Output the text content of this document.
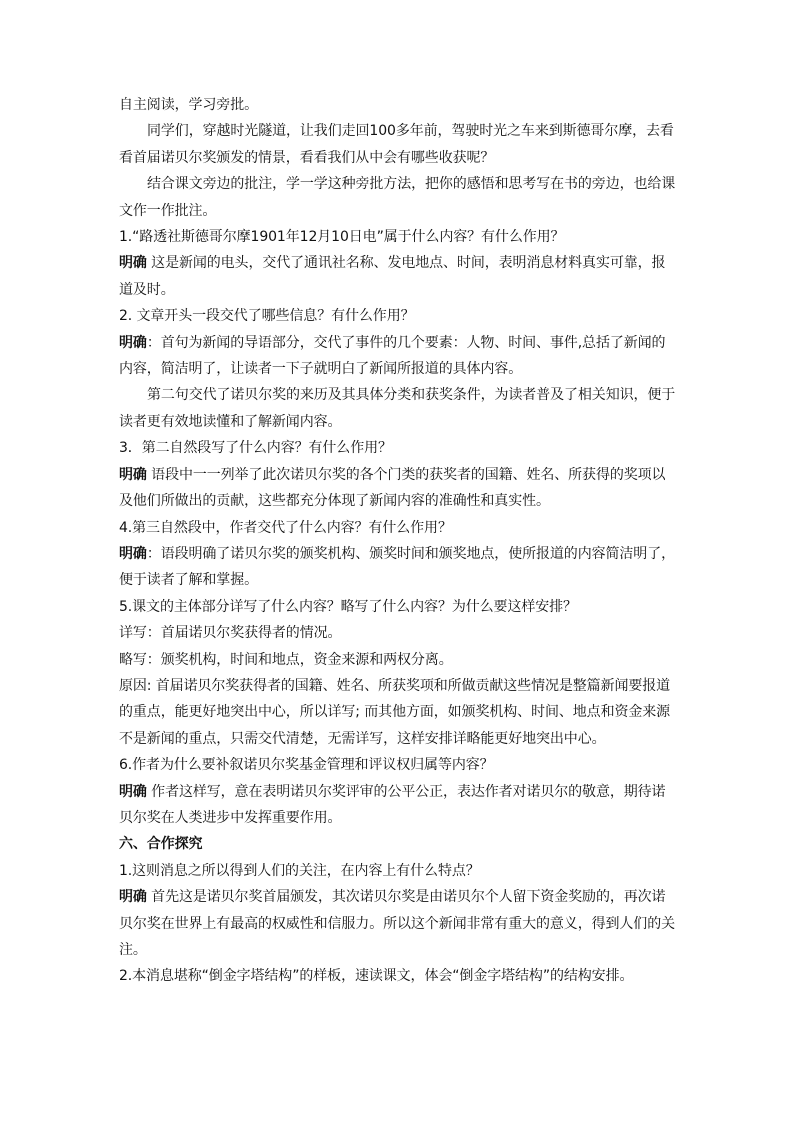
自主阅读，学习旁批。

同学们，穿越时光隧道，让我们走回100多年前，驾驶时光之车来到斯德哥尔摩，去看

看首届诺贝尔奖颁发的情景，看看我们从中会有哪些收获呢？

结合课文旁边的批注，学一学这种旁批方法，把你的感悟和思考写在书的旁边，也给课

文作一作批注。

1.“路透社斯德哥尔摩1901年12月10日电”属于什么内容？有什么作用？

明确 这是新闻的电头，交代了通讯社名称、发电地点、时间，表明消息材料真实可靠，报

道及时。

2. 文章开头一段交代了哪些信息？有什么作用？

明确：首句为新闻的导语部分，交代了事件的几个要素：人物、时间、事件,总括了新闻的

内容，简洁明了，让读者一下子就明白了新闻所报道的具体内容。

第二句交代了诺贝尔奖的来历及其具体分类和获奖条件，为读者普及了相关知识，便于

读者更有效地读懂和了解新闻内容。

3．第二自然段写了什么内容？有什么作用？

明确 语段中一一列举了此次诺贝尔奖的各个门类的获奖者的国籍、姓名、所获得的奖项以

及他们所做出的贡献，这些都充分体现了新闻内容的准确性和真实性。

4.第三自然段中，作者交代了什么内容？有什么作用？

明确：语段明确了诺贝尔奖的颁奖机构、颁奖时间和颁奖地点，使所报道的内容简洁明了，

便于读者了解和掌握。

5.课文的主体部分详写了什么内容？略写了什么内容？为什么要这样安排？

详写：首届诺贝尔奖获得者的情况。

略写：颁奖机构，时间和地点，资金来源和两权分离。

原因: 首届诺贝尔奖获得者的国籍、姓名、所获奖项和所做贡献这些情况是整篇新闻要报道

的重点，能更好地突出中心，所以详写; 而其他方面，如颁奖机构、时间、地点和资金来源

不是新闻的重点，只需交代清楚，无需详写，这样安排详略能更好地突出中心。

6.作者为什么要补叙诺贝尔奖基金管理和评议权归属等内容？

明确 作者这样写，意在表明诺贝尔奖评审的公平公正，表达作者对诺贝尔的敬意，期待诺

贝尔奖在人类进步中发挥重要作用。

六、合作探究

1.这则消息之所以得到人们的关注，在内容上有什么特点？

明确 首先这是诺贝尔奖首届颁发，其次诺贝尔奖是由诺贝尔个人留下资金奖励的，再次诺

贝尔奖在世界上有最高的权威性和信服力。所以这个新闻非常有重大的意义，得到人们的关

注。

2.本消息堪称“倒金字塔结构”的样板，速读课文，体会“倒金字塔结构”的结构安排。
